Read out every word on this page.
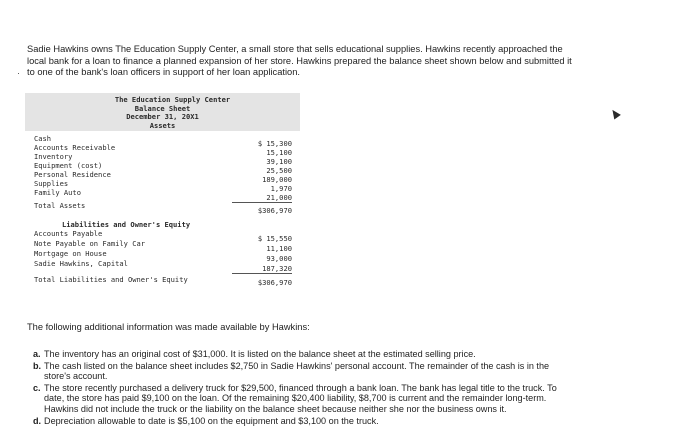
Sadie Hawkins owns The Education Supply Center, a small store that sells educational supplies. Hawkins recently approached the

local bank for a loan to finance a planned expansion of her store. Hawkins prepared the balance sheet shown below and submitted it

to one of the bank's loan officers in support of her loan application.

·
The Education Supply Center
Balance Sheet
December 31, 20X1
Assets
Cash
$ 15,300
Accounts Receivable
15,100
Inventory
39,100
Equipment (cost)
25,500
Personal Residence
189,000
Supplies
1,970
Family Auto
21,000
Total Assets
$306,970
Liabilities and Owner's Equity
Accounts Payable
$ 15,550
Note Payable on Family Car
11,100
Mortgage on House
93,000
Sadie Hawkins, Capital
187,320
Total Liabilities and Owner's Equity	$306,970
The following additional information was made available by Hawkins:
a. The inventory has an original cost of $31,000. It is listed on the balance sheet at the estimated selling price.
b. The cash listed on the balance sheet includes $2,750 in Sadie Hawkins' personal account. The remainder of the cash is in the
store's account.
c. The store recently purchased a delivery truck for $29,500, financed through a bank loan. The bank has legal title to the truck. To
date, the store has paid $9,100 on the loan. Of the remaining $20,400 liability, $8,700 is current and the remainder long-term.
Hawkins did not include the truck or the liability on the balance sheet because neither she nor the business owns it.
d. Depreciation allowable to date is $5,100 on the equipment and $3,100 on the truck.
